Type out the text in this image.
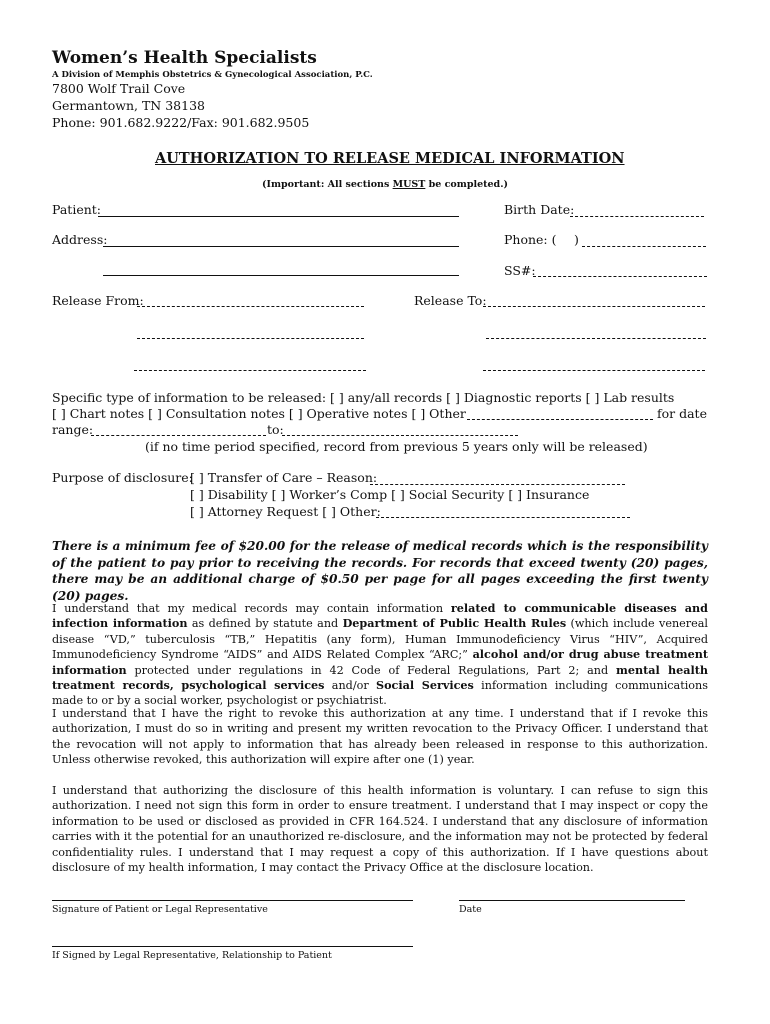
Women’s Health Specialists
A Division of Memphis Obstetrics & Gynecological Association, P.C.
7800 Wolf Trail Cove
Germantown, TN 38138
Phone: 901.682.9222/Fax: 901.682.9505
AUTHORIZATION TO RELEASE MEDICAL INFORMATION
(Important: All sections MUST be completed.)
Patient:	Birth Date:
Address:	Phone: ( )
SS#:
Release From:	Release To:
Specific type of information to be released: [ ] any/all records [ ] Diagnostic reports [ ] Lab results
[ ] Chart notes [ ] Consultation notes [ ] Operative notes [ ] Other	for date
range:	to:
(if no time period specified, record from previous 5 years only will be released)
Purpose of disclosure:
[ ] Transfer of Care – Reason:
[ ] Disability [ ] Worker’s Comp [ ] Social Security [ ] Insurance
[ ] Attorney Request [ ] Other:
There is a minimum fee of $20.00 for the release of medical records which is the responsibility of the patient to pay prior to receiving the records. For records that exceed twenty (20) pages, there may be an additional charge of $0.50 per page for all pages exceeding the first twenty (20) pages.
I understand that my medical records may contain information related to communicable diseases and infection information as defined by statute and Department of Public Health Rules (which include venereal disease “VD,” tuberculosis “TB,” Hepatitis (any form), Human Immunodeficiency Virus “HIV”, Acquired Immunodeficiency Syndrome “AIDS” and AIDS Related Complex “ARC;” alcohol and/or drug abuse treatment information protected under regulations in 42 Code of Federal Regulations, Part 2; and mental health treatment records, psychological services and/or Social Services information including communications made to or by a social worker, psychologist or psychiatrist.
I understand that I have the right to revoke this authorization at any time. I understand that if I revoke this authorization, I must do so in writing and present my written revocation to the Privacy Officer. I understand that the revocation will not apply to information that has already been released in response to this authorization. Unless otherwise revoked, this authorization will expire after one (1) year.
I understand that authorizing the disclosure of this health information is voluntary. I can refuse to sign this authorization. I need not sign this form in order to ensure treatment. I understand that I may inspect or copy the information to be used or disclosed as provided in CFR 164.524. I understand that any disclosure of information carries with it the potential for an unauthorized re-disclosure, and the information may not be protected by federal confidentiality rules. I understand that I may request a copy of this authorization. If I have questions about disclosure of my health information, I may contact the Privacy Office at the disclosure location.
Signature of Patient or Legal Representative	Date
If Signed by Legal Representative, Relationship to Patient
